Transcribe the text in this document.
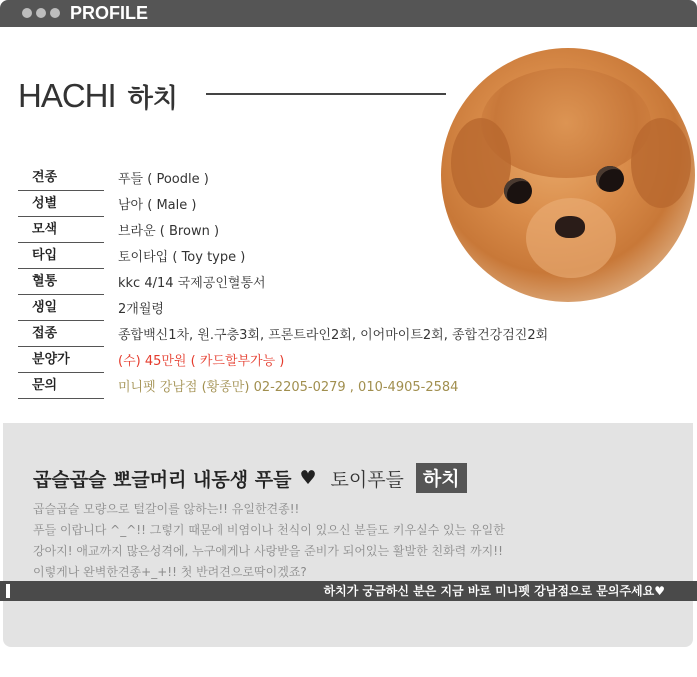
PROFILE
HACHI 하치
견종	푸들 ( Poodle )
성별	남아 ( Male )
모색	브라운 ( Brown )
타입	토이타입 ( Toy type )
혈통	kkc 4/14 국제공인혈통서
생일	2개월령
접종	종합백신1차, 원.구충3회, 프론트라인2회, 이어마이트2회, 종합건강검진2회
분양가	(수) 45만원 ( 카드할부가능 )
문의	미니펫 강남점 (황종만) 02-2205-0279 , 010-4905-2584
곱슬곱슬 뽀글머리 내동생 푸들 ♥ 토이푸들	하치
곱슬곱슬 모량으로 털갈이를 않하는!! 유일한견종!!
푸들 이랍니다 ^_^!! 그렇기 때문에 비염이나 천식이 있으신 분들도 키우실수 있는 유일한
강아지! 애교까지 많은성격에, 누구에게나 사랑받을 준비가 되어있는 활발한 친화력 까지!!
이렇게나 완벽한견종+_+!! 첫 반려견으로딱이겠죠?
하치가 궁금하신 분은 지금 바로 미니펫 강남점으로 문의주세요♥
